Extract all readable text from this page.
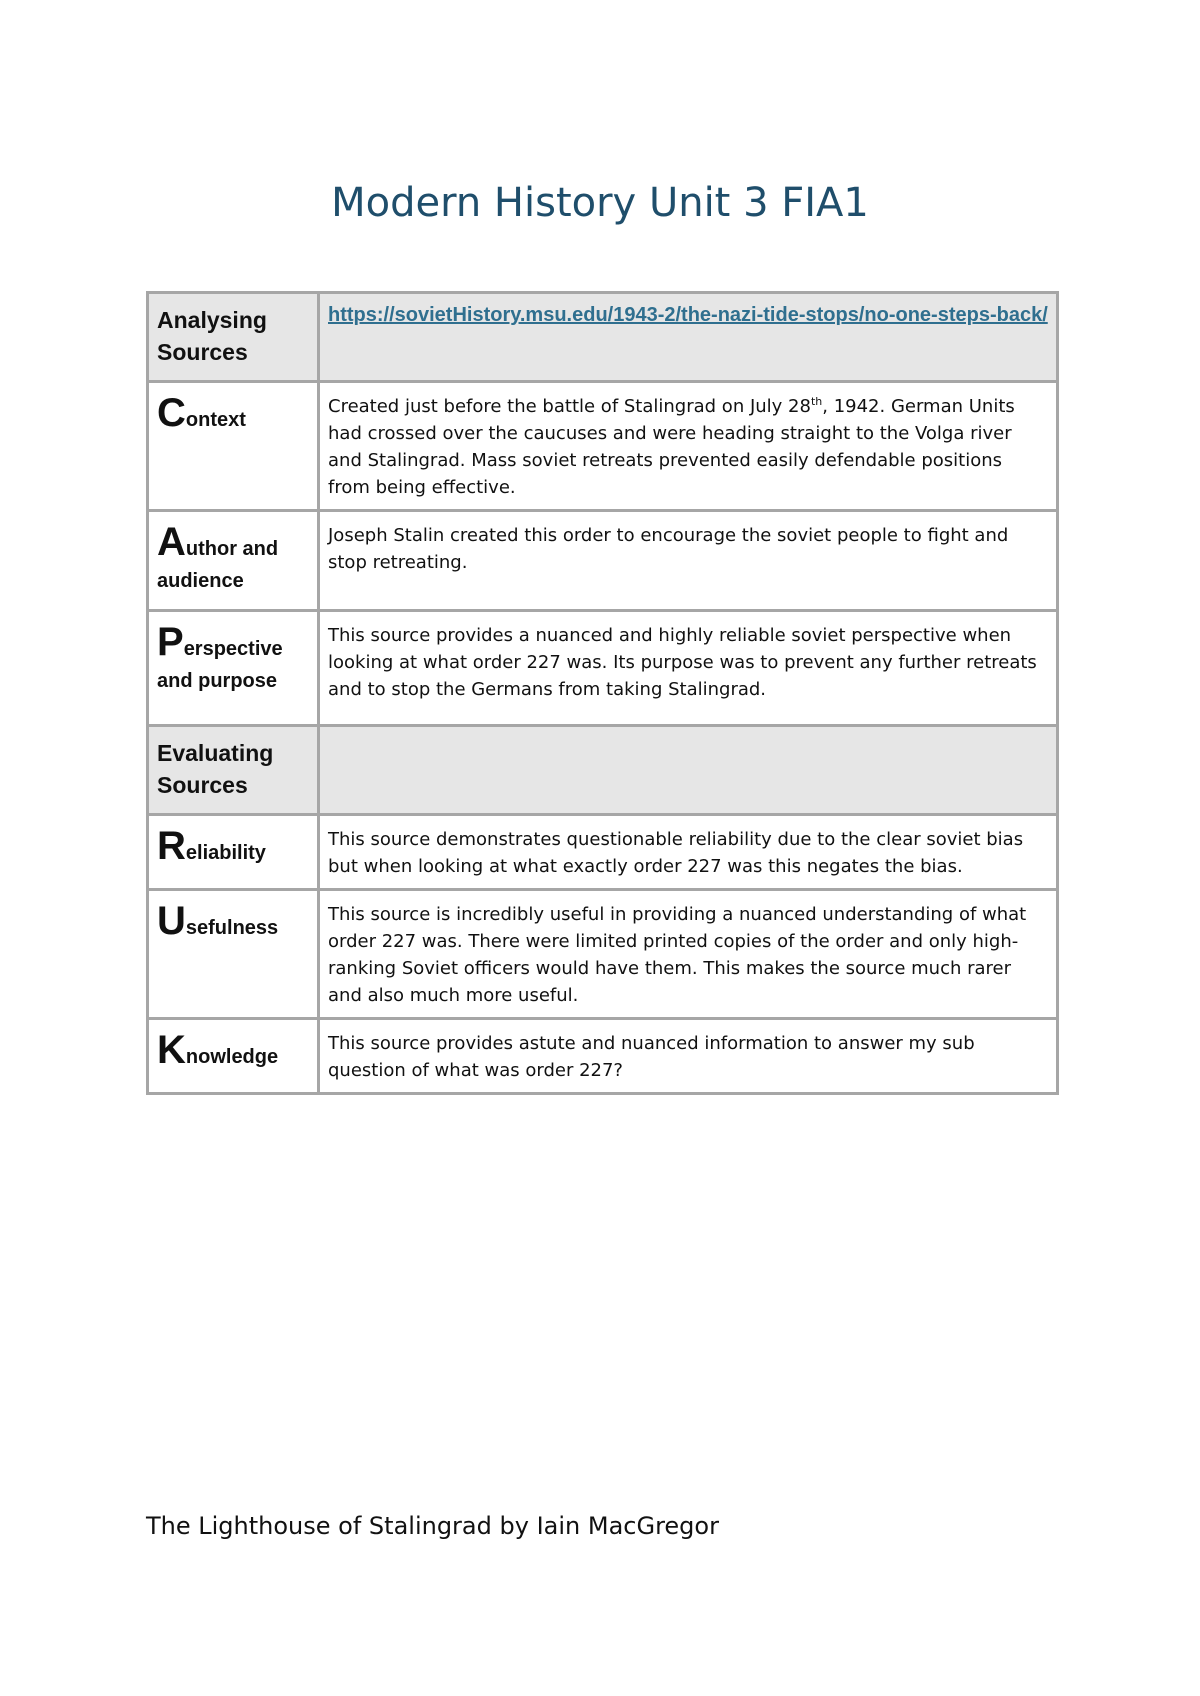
Modern History Unit 3 FIA1
Analysing Sources	https://sovietHistory.msu.edu/1943-2/the-nazi-tide-stops/no-one-steps-back/
Context	Created just before the battle of Stalingrad on July 28th, 1942. German Units had crossed over the caucuses and were heading straight to the Volga river and Stalingrad. Mass soviet retreats prevented easily defendable positions from being effective.

Author and audience	Joseph Stalin created this order to encourage the soviet people to fight and stop retreating.

Perspective and purpose	This source provides a nuanced and highly reliable soviet perspective when looking at what order 227 was. Its purpose was to prevent any further retreats and to stop the Germans from taking Stalingrad.

Evaluating Sources	
Reliability	This source demonstrates questionable reliability due to the clear soviet bias but when looking at what exactly order 227 was this negates the bias.

Usefulness	This source is incredibly useful in providing a nuanced understanding of what order 227 was. There were limited printed copies of the order and only high-ranking Soviet officers would have them. This makes the source much rarer and also much more useful.

Knowledge	This source provides astute and nuanced information to answer my sub question of what was order 227?
The Lighthouse of Stalingrad by Iain MacGregor
